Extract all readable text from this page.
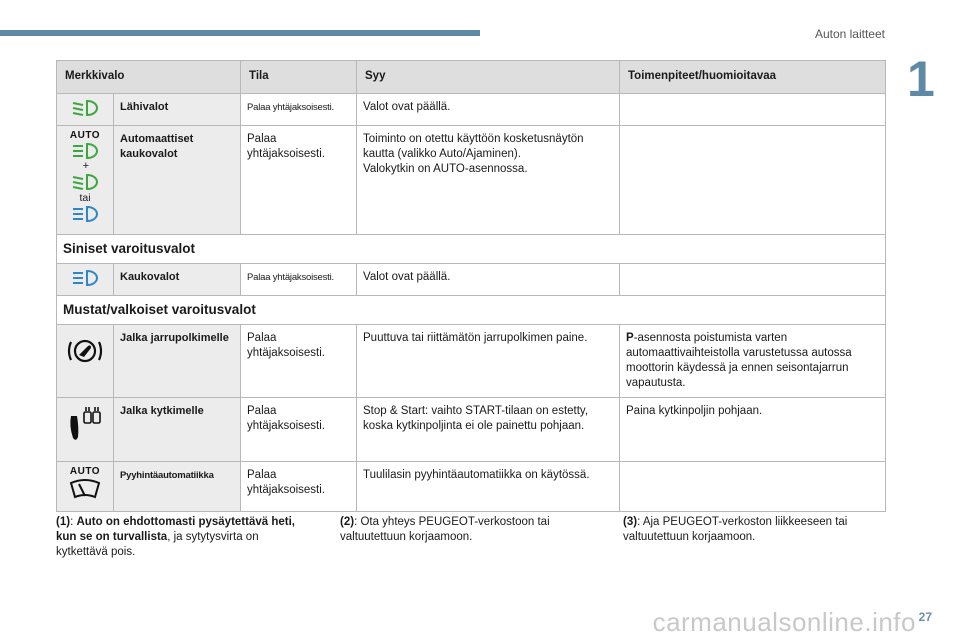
Auton laitteet
1
Merkkivalo		Tila	Syy	Toimenpiteet/huomioitavaa

	Lähivalot	Palaa yhtäjaksoisesti.	Valot ovat päällä.	

AUTO
+
tai	Automaattiset kaukovalot	Palaa yhtäjaksoisesti.	Toiminto on otettu käyttöön kosketusnäytön kautta (valikko Auto/Ajaminen).
Valokytkin on AUTO-asennossa.	
Siniset varoitusvalot				

	Kaukovalot	Palaa yhtäjaksoisesti.	Valot ovat päällä.	
Mustat/valkoiset varoitusvalot				

	Jalka jarrupolkimelle	Palaa yhtäjaksoisesti.	Puuttuva tai riittämätön jarrupolkimen paine.	P-asennosta poistumista varten automaattivaihteistolla varustetussa autossa moottorin käydessä ja ennen seisontajarrun vapautusta.

	Jalka kytkimelle	Palaa yhtäjaksoisesti.	Stop & Start: vaihto START-tilaan on estetty, koska kytkinpoljinta ei ole painettu pohjaan.	Paina kytkinpoljin pohjaan.

AUTO	Pyyhintäautomatiikka	Palaa yhtäjaksoisesti.	Tuulilasin pyyhintäautomatiikka on käytössä.	
(1): Auto on ehdottomasti pysäytettävä heti, kun se on turvallista, ja sytytysvirta on kytkettävä pois.
(2): Ota yhteys PEUGEOT-verkostoon tai valtuutettuun korjaamoon.
(3): Aja PEUGEOT-verkoston liikkeeseen tai valtuutettuun korjaamoon.
27
carmanualsonline.info
